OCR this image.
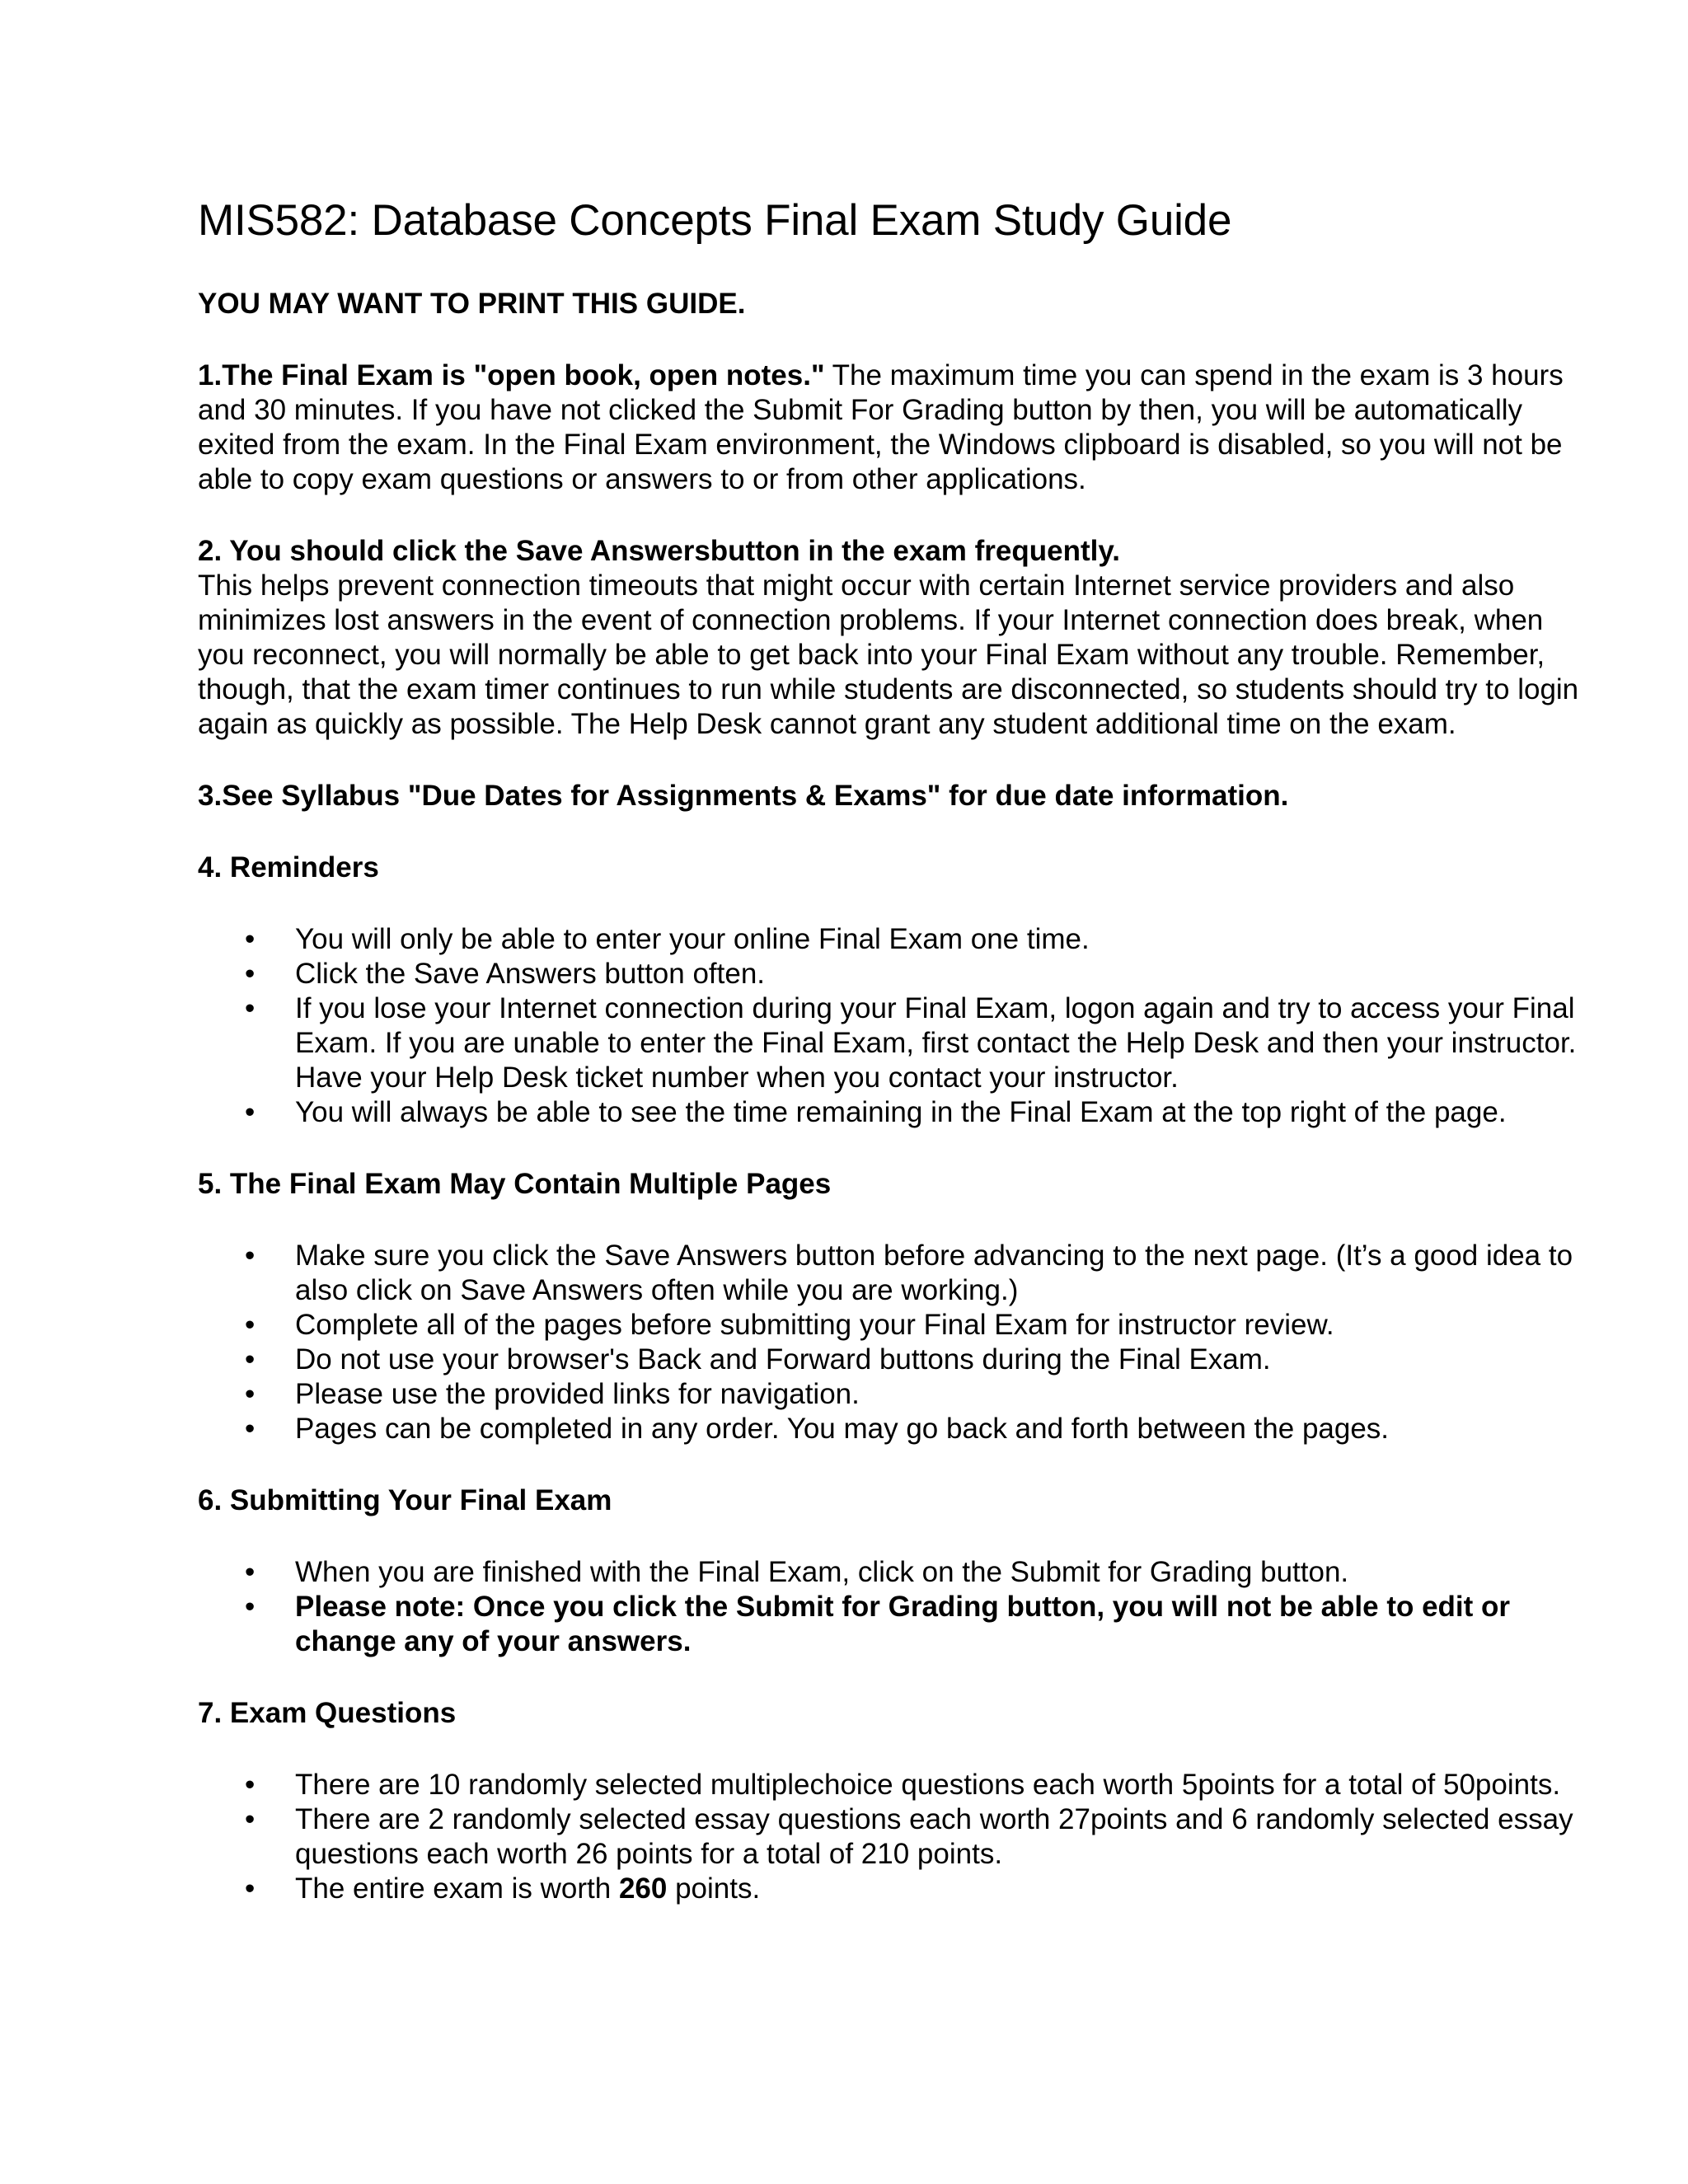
MIS582: Database Concepts Final Exam Study Guide

YOU MAY WANT TO PRINT THIS GUIDE.

1.The Final Exam is "open book, open notes." The maximum time you can spend in the exam is 3 hours and 30 minutes. If you have not clicked the Submit For Grading button by then, you will be automatically exited from the exam. In the Final Exam environment, the Windows clipboard is disabled, so you will not be able to copy exam questions or answers to or from other applications.

2. You should click the Save Answersbutton in the exam frequently.

This helps prevent connection timeouts that might occur with certain Internet service providers and also minimizes lost answers in the event of connection problems. If your Internet connection does break, when you reconnect, you will normally be able to get back into your Final Exam without any trouble. Remember, though, that the exam timer continues to run while students are disconnected, so students should try to login again as quickly as possible. The Help Desk cannot grant any student additional time on the exam.

3.See Syllabus "Due Dates for Assignments & Exams" for due date information.

4. Reminders

• You will only be able to enter your online Final Exam one time.
• Click the Save Answers button often.
• If you lose your Internet connection during your Final Exam, logon again and try to access your Final Exam. If you are unable to enter the Final Exam, first contact the Help Desk and then your instructor. Have your Help Desk ticket number when you contact your instructor.
• You will always be able to see the time remaining in the Final Exam at the top right of the page.

5. The Final Exam May Contain Multiple Pages

• Make sure you click the Save Answers button before advancing to the next page. (It’s a good idea to also click on Save Answers often while you are working.)
• Complete all of the pages before submitting your Final Exam for instructor review.
• Do not use your browser's Back and Forward buttons during the Final Exam.
• Please use the provided links for navigation.
• Pages can be completed in any order. You may go back and forth between the pages.

6. Submitting Your Final Exam

• When you are finished with the Final Exam, click on the Submit for Grading button.
• Please note: Once you click the Submit for Grading button, you will not be able to edit or change any of your answers.

7. Exam Questions

• There are 10 randomly selected multiplechoice questions each worth 5points for a total of 50points.
• There are 2 randomly selected essay questions each worth 27points and 6 randomly selected essay questions each worth 26 points for a total of 210 points.
• The entire exam is worth 260 points.
